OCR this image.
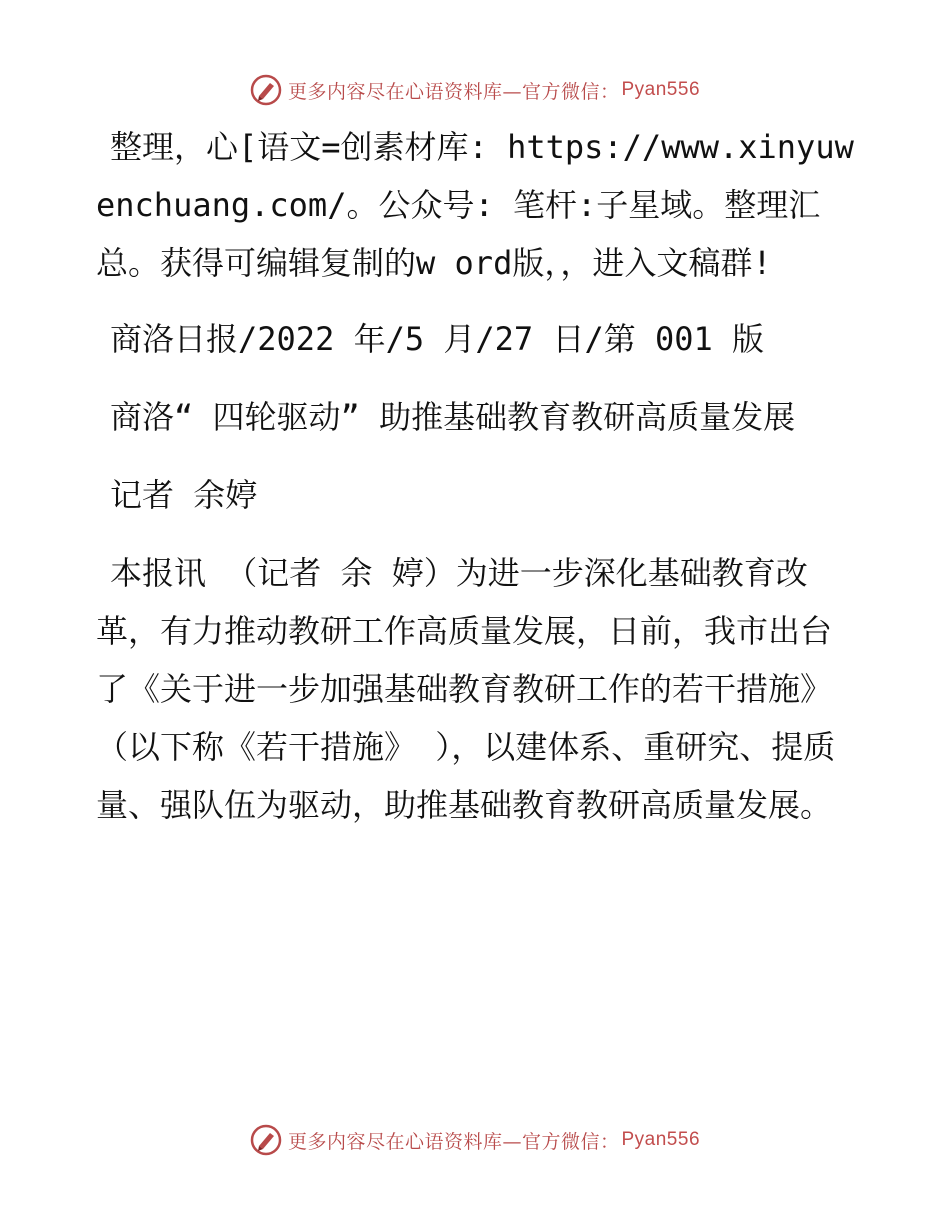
更多内容尽在心语资料库—官方微信： Pyan556

整理，心[语文=创素材库: https://www.xinyuwenchuang.com/。公众号: 笔杆:子星域。整理汇总。获得可编辑复制的w ord版，，进入文稿群!

商洛日报/2022 年/5 月/27 日/第 001 版

商洛“ 四轮驱动” 助推基础教育教研高质量发展

记者 余婷

本报讯 （记者 余 婷）为进一步深化基础教育改革，有力推动教研工作高质量发展，日前，我市出台了《关于进一步加强基础教育教研工作的若干措施》（以下称《若干措施》 ），以建体系、重研究、提质量、强队伍为驱动，助推基础教育教研高质量发展。

更多内容尽在心语资料库—官方微信： Pyan556
